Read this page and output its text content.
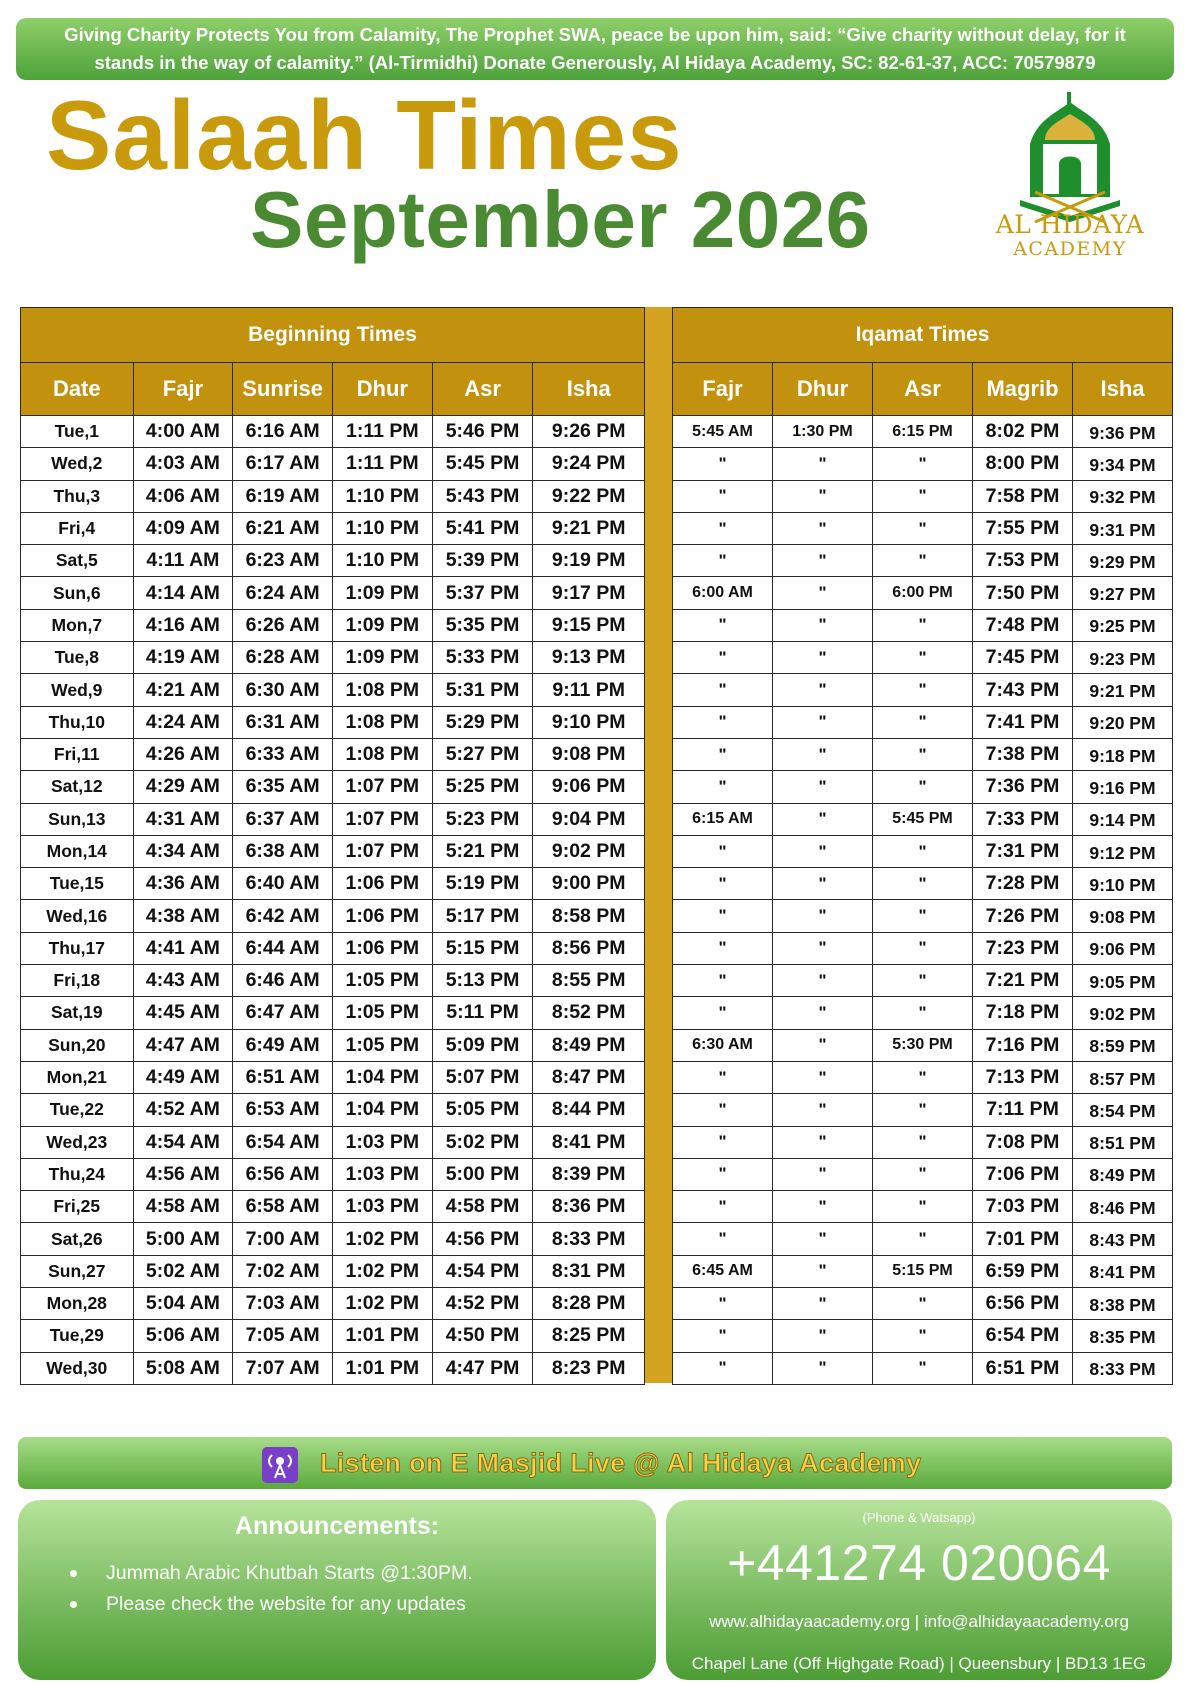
Giving Charity Protects You from Calamity, The Prophet SWA, peace be upon him, said: “Give charity without delay, for it stands in the way of calamity.” (Al-Tirmidhi) Donate Generously, Al Hidaya Academy, SC: 82-61-37, ACC: 70579879
Salaah Times
September 2026	AL HIDAYA
ACADEMY
Beginning Times					
Date	Fajr	Sunrise	Dhur	Asr	Isha
Tue,1	4:00 AM	6:16 AM	1:11 PM	5:46 PM	9:26 PM
Wed,2	4:03 AM	6:17 AM	1:11 PM	5:45 PM	9:24 PM
Thu,3	4:06 AM	6:19 AM	1:10 PM	5:43 PM	9:22 PM
Fri,4	4:09 AM	6:21 AM	1:10 PM	5:41 PM	9:21 PM
Sat,5	4:11 AM	6:23 AM	1:10 PM	5:39 PM	9:19 PM
Sun,6	4:14 AM	6:24 AM	1:09 PM	5:37 PM	9:17 PM
Mon,7	4:16 AM	6:26 AM	1:09 PM	5:35 PM	9:15 PM
Tue,8	4:19 AM	6:28 AM	1:09 PM	5:33 PM	9:13 PM
Wed,9	4:21 AM	6:30 AM	1:08 PM	5:31 PM	9:11 PM
Thu,10	4:24 AM	6:31 AM	1:08 PM	5:29 PM	9:10 PM
Fri,11	4:26 AM	6:33 AM	1:08 PM	5:27 PM	9:08 PM
Sat,12	4:29 AM	6:35 AM	1:07 PM	5:25 PM	9:06 PM
Sun,13	4:31 AM	6:37 AM	1:07 PM	5:23 PM	9:04 PM
Mon,14	4:34 AM	6:38 AM	1:07 PM	5:21 PM	9:02 PM
Tue,15	4:36 AM	6:40 AM	1:06 PM	5:19 PM	9:00 PM
Wed,16	4:38 AM	6:42 AM	1:06 PM	5:17 PM	8:58 PM
Thu,17	4:41 AM	6:44 AM	1:06 PM	5:15 PM	8:56 PM
Fri,18	4:43 AM	6:46 AM	1:05 PM	5:13 PM	8:55 PM
Sat,19	4:45 AM	6:47 AM	1:05 PM	5:11 PM	8:52 PM
Sun,20	4:47 AM	6:49 AM	1:05 PM	5:09 PM	8:49 PM
Mon,21	4:49 AM	6:51 AM	1:04 PM	5:07 PM	8:47 PM
Tue,22	4:52 AM	6:53 AM	1:04 PM	5:05 PM	8:44 PM
Wed,23	4:54 AM	6:54 AM	1:03 PM	5:02 PM	8:41 PM
Thu,24	4:56 AM	6:56 AM	1:03 PM	5:00 PM	8:39 PM
Fri,25	4:58 AM	6:58 AM	1:03 PM	4:58 PM	8:36 PM
Sat,26	5:00 AM	7:00 AM	1:02 PM	4:56 PM	8:33 PM
Sun,27	5:02 AM	7:02 AM	1:02 PM	4:54 PM	8:31 PM
Mon,28	5:04 AM	7:03 AM	1:02 PM	4:52 PM	8:28 PM
Tue,29	5:06 AM	7:05 AM	1:01 PM	4:50 PM	8:25 PM
Wed,30	5:08 AM	7:07 AM	1:01 PM	4:47 PM	8:23 PM
Iqamat Times				
Fajr	Dhur	Asr	Magrib	Isha
5:45 AM	1:30 PM	6:15 PM	8:02 PM	9:36 PM
"	"	"	8:00 PM	9:34 PM
"	"	"	7:58 PM	9:32 PM
"	"	"	7:55 PM	9:31 PM
"	"	"	7:53 PM	9:29 PM
6:00 AM	"	6:00 PM	7:50 PM	9:27 PM
"	"	"	7:48 PM	9:25 PM
"	"	"	7:45 PM	9:23 PM
"	"	"	7:43 PM	9:21 PM
"	"	"	7:41 PM	9:20 PM
"	"	"	7:38 PM	9:18 PM
"	"	"	7:36 PM	9:16 PM
6:15 AM	"	5:45 PM	7:33 PM	9:14 PM
"	"	"	7:31 PM	9:12 PM
"	"	"	7:28 PM	9:10 PM
"	"	"	7:26 PM	9:08 PM
"	"	"	7:23 PM	9:06 PM
"	"	"	7:21 PM	9:05 PM
"	"	"	7:18 PM	9:02 PM
6:30 AM	"	5:30 PM	7:16 PM	8:59 PM
"	"	"	7:13 PM	8:57 PM
"	"	"	7:11 PM	8:54 PM
"	"	"	7:08 PM	8:51 PM
"	"	"	7:06 PM	8:49 PM
"	"	"	7:03 PM	8:46 PM
"	"	"	7:01 PM	8:43 PM
6:45 AM	"	5:15 PM	6:59 PM	8:41 PM
"	"	"	6:56 PM	8:38 PM
"	"	"	6:54 PM	8:35 PM
"	"	"	6:51 PM	8:33 PM
Listen on E Masjid Live @ Al Hidaya Academy
Announcements:
Jummah Arabic Khutbah Starts @1:30PM.
Please check the website for any updates
(Phone & Watsapp)
+441274 020064
www.alhidayaacademy.org | info@alhidayaacademy.org
Chapel Lane (Off Highgate Road) | Queensbury | BD13 1EG
